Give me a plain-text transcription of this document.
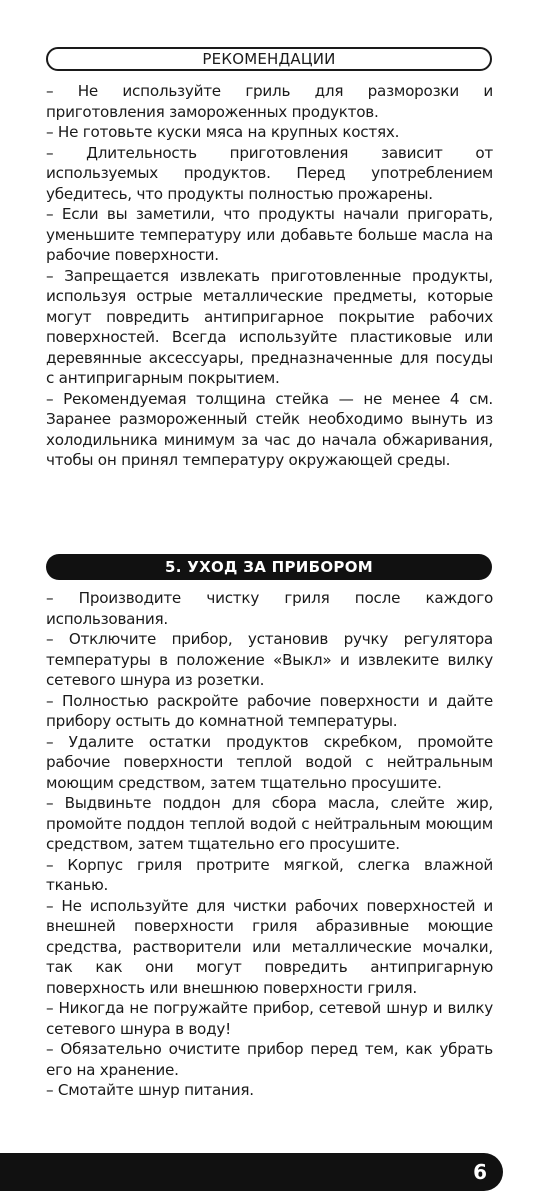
РЕКОМЕНДАЦИИ

– Не используйте гриль для разморозки и приготовления замороженных продуктов.

– Не готовьте куски мяса на крупных костях.

– Длительность приготовления зависит от используемых продуктов. Перед употреблением убедитесь, что продукты полностью прожарены.

– Если вы заметили, что продукты начали пригорать, уменьшите температуру или добавьте больше масла на рабочие поверхности.

– Запрещается извлекать приготовленные продукты, используя острые металлические предметы, которые могут повредить антипригарное покрытие рабочих поверхностей. Всегда используйте пластиковые или деревянные аксессуары, предназначенные для посуды с антипригарным покрытием.

– Рекомендуемая толщина стейка — не менее 4 см. Заранее размороженный стейк необходимо вынуть из холодильника минимум за час до начала обжаривания, чтобы он принял температуру окружающей среды.

5. УХОД ЗА ПРИБОРОМ

– Производите чистку гриля после каждого использования.

– Отключите прибор, установив ручку регулятора температуры в положение «Выкл» и извлеките вилку сетевого шнура из розетки.

– Полностью раскройте рабочие поверхности и дайте прибору остыть до комнатной температуры.

– Удалите остатки продуктов скребком, промойте рабочие поверхности теплой водой с нейтральным моющим средством, затем тщательно просушите.

– Выдвиньте поддон для сбора масла, слейте жир, промойте поддон теплой водой с нейтральным моющим средством, затем тщательно его просушите.

– Корпус гриля протрите мягкой, слегка влажной тканью.

– Не используйте для чистки рабочих поверхностей и внешней поверхности гриля абразивные моющие средства, растворители или металлические мочалки, так как они могут повредить антипригарную поверхность или внешнюю поверхности гриля.

– Никогда не погружайте прибор, сетевой шнур и вилку сетевого шнура в воду!

– Обязательно очистите прибор перед тем, как убрать его на хранение.

– Смотайте шнур питания.

6
